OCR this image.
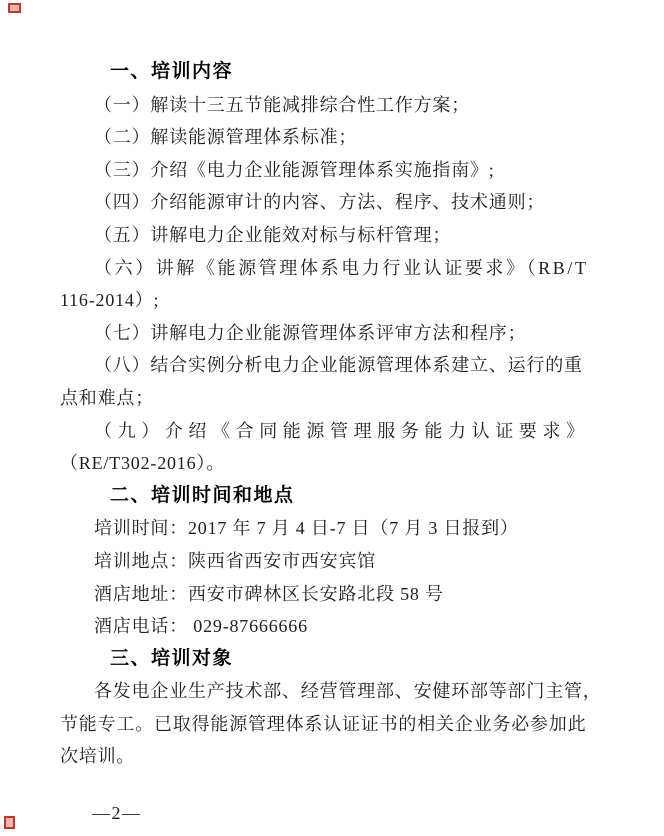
一、培训内容
（一）解读十三五节能减排综合性工作方案；
（二）解读能源管理体系标准；
（三）介绍《电力企业能源管理体系实施指南》;
（四）介绍能源审计的内容、方法、程序、技术通则；
（五）讲解电力企业能效对标与标杆管理；
（六）讲解《能源管理体系电力行业认证要求》（RB/T
116-2014）;
（七）讲解电力企业能源管理体系评审方法和程序；
（八）结合实例分析电力企业能源管理体系建立、运行的重
点和难点；
（九）介绍《合同能源管理服务能力认证要求》
（RE/T302-2016）。
二、培训时间和地点
培训时间：2017 年 7 月 4 日-7 日（7 月 3 日报到）
培训地点：陕西省西安市西安宾馆
酒店地址：西安市碑林区长安路北段 58 号
酒店电话： 029-87666666
三、培训对象
各发电企业生产技术部、经营管理部、安健环部等部门主管，
节能专工。已取得能源管理体系认证证书的相关企业务必参加此
次培训。
—2—
